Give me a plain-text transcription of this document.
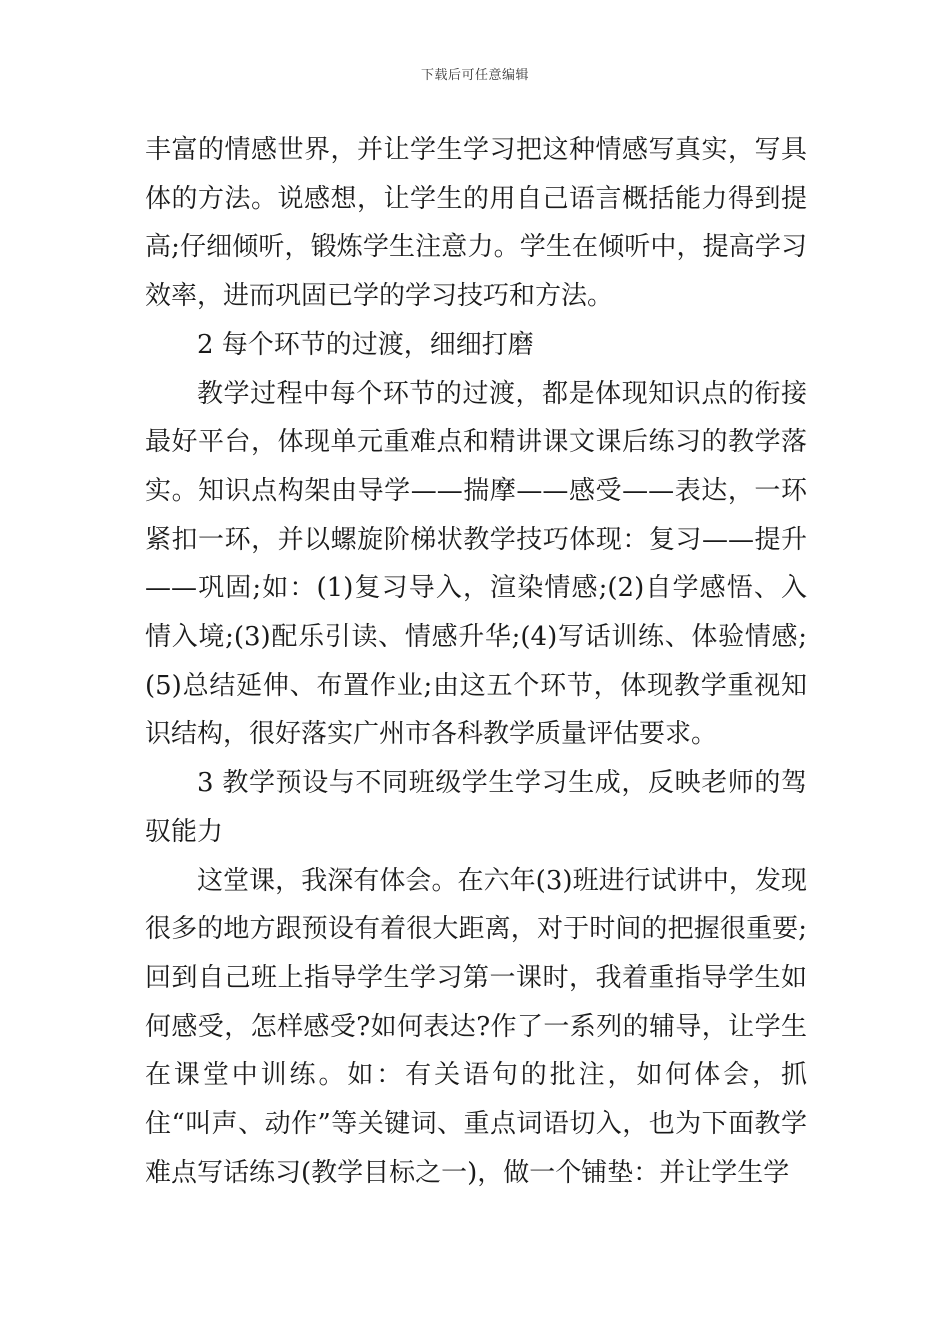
下载后可任意编辑

丰富的情感世界，并让学生学习把这种情感写真实，写具体的方法。说感想，让学生的用自己语言概括能力得到提高;仔细倾听，锻炼学生注意力。学生在倾听中，提高学习效率，进而巩固已学的学习技巧和方法。

2 每个环节的过渡，细细打磨

教学过程中每个环节的过渡，都是体现知识点的衔接最好平台，体现单元重难点和精讲课文课后练习的教学落实。知识点构架由导学——揣摩——感受——表达，一环紧扣一环，并以螺旋阶梯状教学技巧体现：复习——提升——巩固;如：(1)复习导入，渲染情感;(2)自学感悟、入情入境;(3)配乐引读、情感升华;(4)写话训练、体验情感;(5)总结延伸、布置作业;由这五个环节，体现教学重视知识结构，很好落实广州市各科教学质量评估要求。

3 教学预设与不同班级学生学习生成，反映老师的驾驭能力

这堂课，我深有体会。在六年(3)班进行试讲中，发现很多的地方跟预设有着很大距离，对于时间的把握很重要;回到自己班上指导学生学习第一课时，我着重指导学生如何感受，怎样感受?如何表达?作了一系列的辅导，让学生在课堂中训练。如：有关语句的批注，如何体会，抓住“叫声、动作”等关键词、重点词语切入，也为下面教学难点写话练习(教学目标之一)，做一个铺垫：并让学生学
